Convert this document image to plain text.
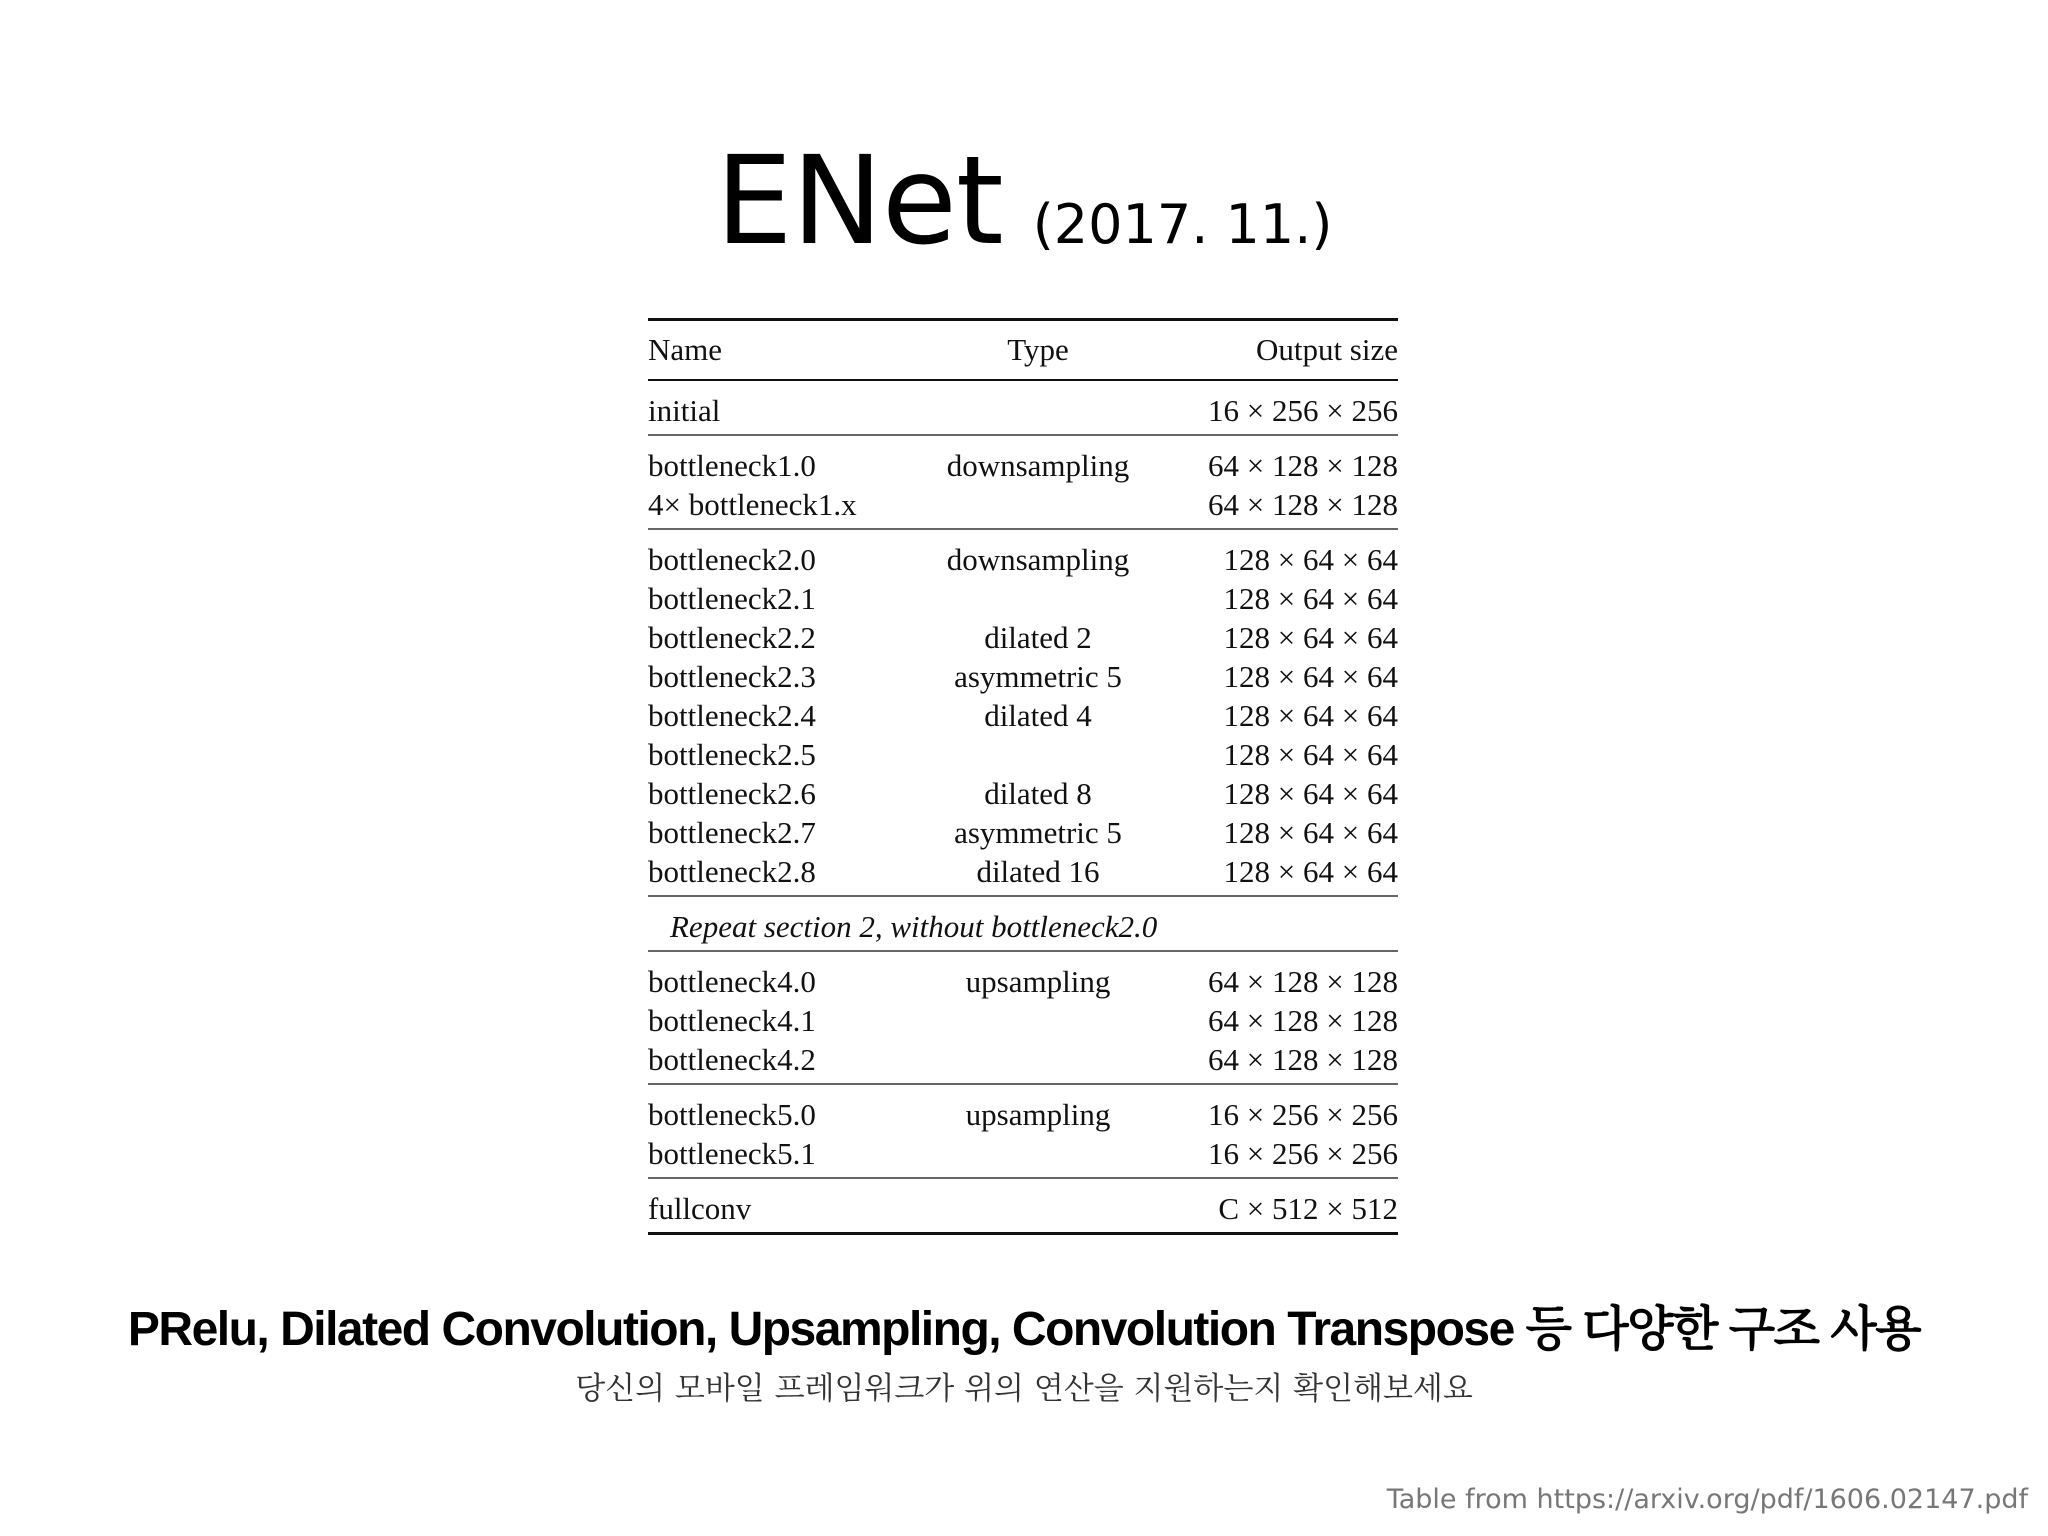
ENet (2017. 11.)
Name	Type	Output size
initial		16 × 256 × 256
bottleneck1.0	downsampling	64 × 128 × 128
4× bottleneck1.x		64 × 128 × 128
bottleneck2.0	downsampling	128 × 64 × 64
bottleneck2.1		128 × 64 × 64
bottleneck2.2	dilated 2	128 × 64 × 64
bottleneck2.3	asymmetric 5	128 × 64 × 64
bottleneck2.4	dilated 4	128 × 64 × 64
bottleneck2.5		128 × 64 × 64
bottleneck2.6	dilated 8	128 × 64 × 64
bottleneck2.7	asymmetric 5	128 × 64 × 64
bottleneck2.8	dilated 16	128 × 64 × 64
Repeat section 2, without bottleneck2.0		
bottleneck4.0	upsampling	64 × 128 × 128
bottleneck4.1		64 × 128 × 128
bottleneck4.2		64 × 128 × 128
bottleneck5.0	upsampling	16 × 256 × 256
bottleneck5.1		16 × 256 × 256
fullconv		C × 512 × 512
PRelu, Dilated Convolution, Upsampling, Convolution Transpose 등 다양한 구조 사용
당신의 모바일 프레임워크가 위의 연산을 지원하는지 확인해보세요
Table from https://arxiv.org/pdf/1606.02147.pdf
